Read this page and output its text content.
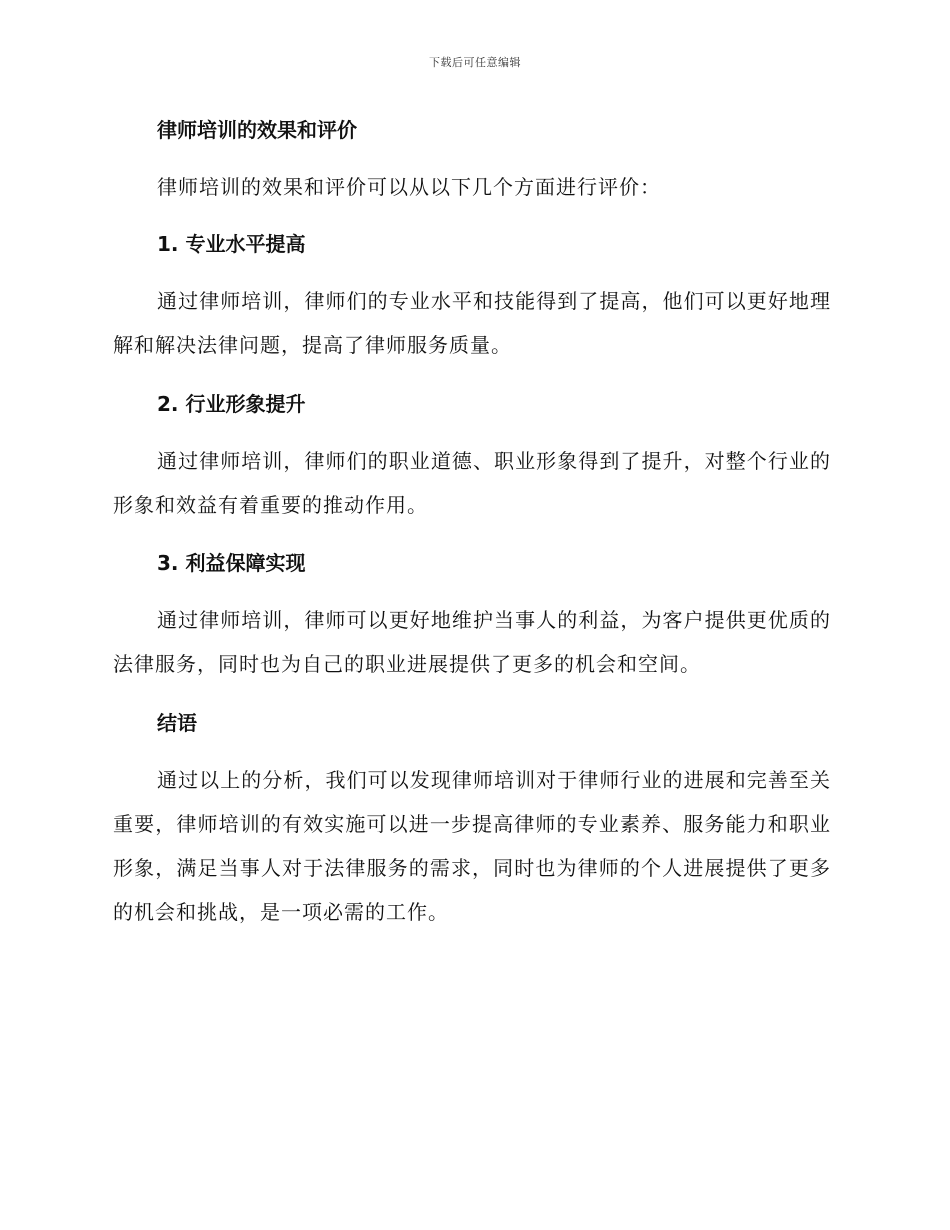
下载后可任意编辑
律师培训的效果和评价

律师培训的效果和评价可以从以下几个方面进行评价：

1. 专业水平提高

通过律师培训，律师们的专业水平和技能得到了提高，他们可以更好地理解和解决法律问题，提高了律师服务质量。

2. 行业形象提升

通过律师培训，律师们的职业道德、职业形象得到了提升，对整个行业的形象和效益有着重要的推动作用。

3. 利益保障实现

通过律师培训，律师可以更好地维护当事人的利益，为客户提供更优质的法律服务，同时也为自己的职业进展提供了更多的机会和空间。

结语

通过以上的分析，我们可以发现律师培训对于律师行业的进展和完善至关重要，律师培训的有效实施可以进一步提高律师的专业素养、服务能力和职业形象，满足当事人对于法律服务的需求，同时也为律师的个人进展提供了更多的机会和挑战，是一项必需的工作。
